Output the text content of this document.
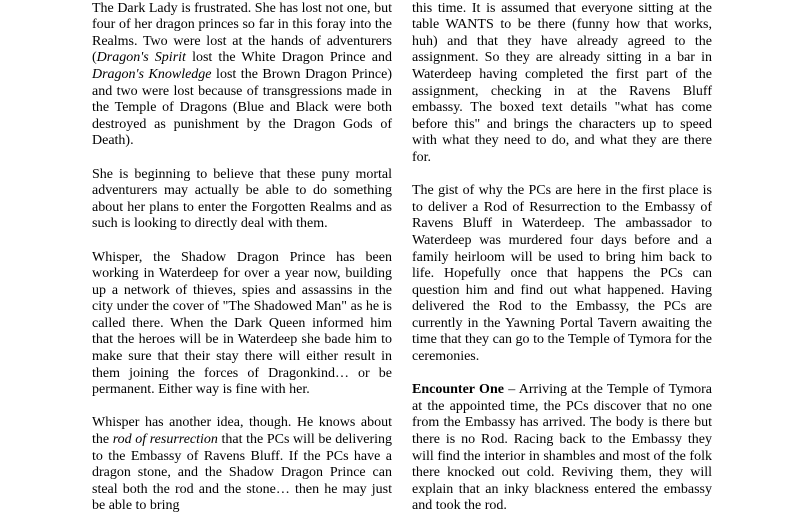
The Dark Lady is frustrated. She has lost not one, but four of her dragon princes so far in this foray into the Realms. Two were lost at the hands of adventurers (Dragon's Spirit lost the White Dragon Prince and Dragon's Knowledge lost the Brown Dragon Prince) and two were lost because of transgressions made in the Temple of Dragons (Blue and Black were both destroyed as punishment by the Dragon Gods of Death).

She is beginning to believe that these puny mortal adventurers may actually be able to do something about her plans to enter the Forgotten Realms and as such is looking to directly deal with them.

Whisper, the Shadow Dragon Prince has been working in Waterdeep for over a year now, building up a network of thieves, spies and assassins in the city under the cover of "The Shadowed Man" as he is called there. When the Dark Queen informed him that the heroes will be in Waterdeep she bade him to make sure that their stay there will either result in them joining the forces of Dragonkind… or be permanent. Either way is fine with her.

Whisper has another idea, though. He knows about the rod of resurrection that the PCs will be delivering to the Embassy of Ravens Bluff. If the PCs have a dragon stone, and the Shadow Dragon Prince can steal both the rod and the stone… then he may just be able to bring

this time. It is assumed that everyone sitting at the table WANTS to be there (funny how that works, huh) and that they have already agreed to the assignment. So they are already sitting in a bar in Waterdeep having completed the first part of the assignment, checking in at the Ravens Bluff embassy. The boxed text details "what has come before this" and brings the characters up to speed with what they need to do, and what they are there for.

The gist of why the PCs are here in the first place is to deliver a Rod of Resurrection to the Embassy of Ravens Bluff in Waterdeep. The ambassador to Waterdeep was murdered four days before and a family heirloom will be used to bring him back to life. Hopefully once that happens the PCs can question him and find out what happened. Having delivered the Rod to the Embassy, the PCs are currently in the Yawning Portal Tavern awaiting the time that they can go to the Temple of Tymora for the ceremonies.

Encounter One – Arriving at the Temple of Tymora at the appointed time, the PCs discover that no one from the Embassy has arrived. The body is there but there is no Rod. Racing back to the Embassy they will find the interior in shambles and most of the folk there knocked out cold. Reviving them, they will explain that an inky blackness entered the embassy and took the rod.
